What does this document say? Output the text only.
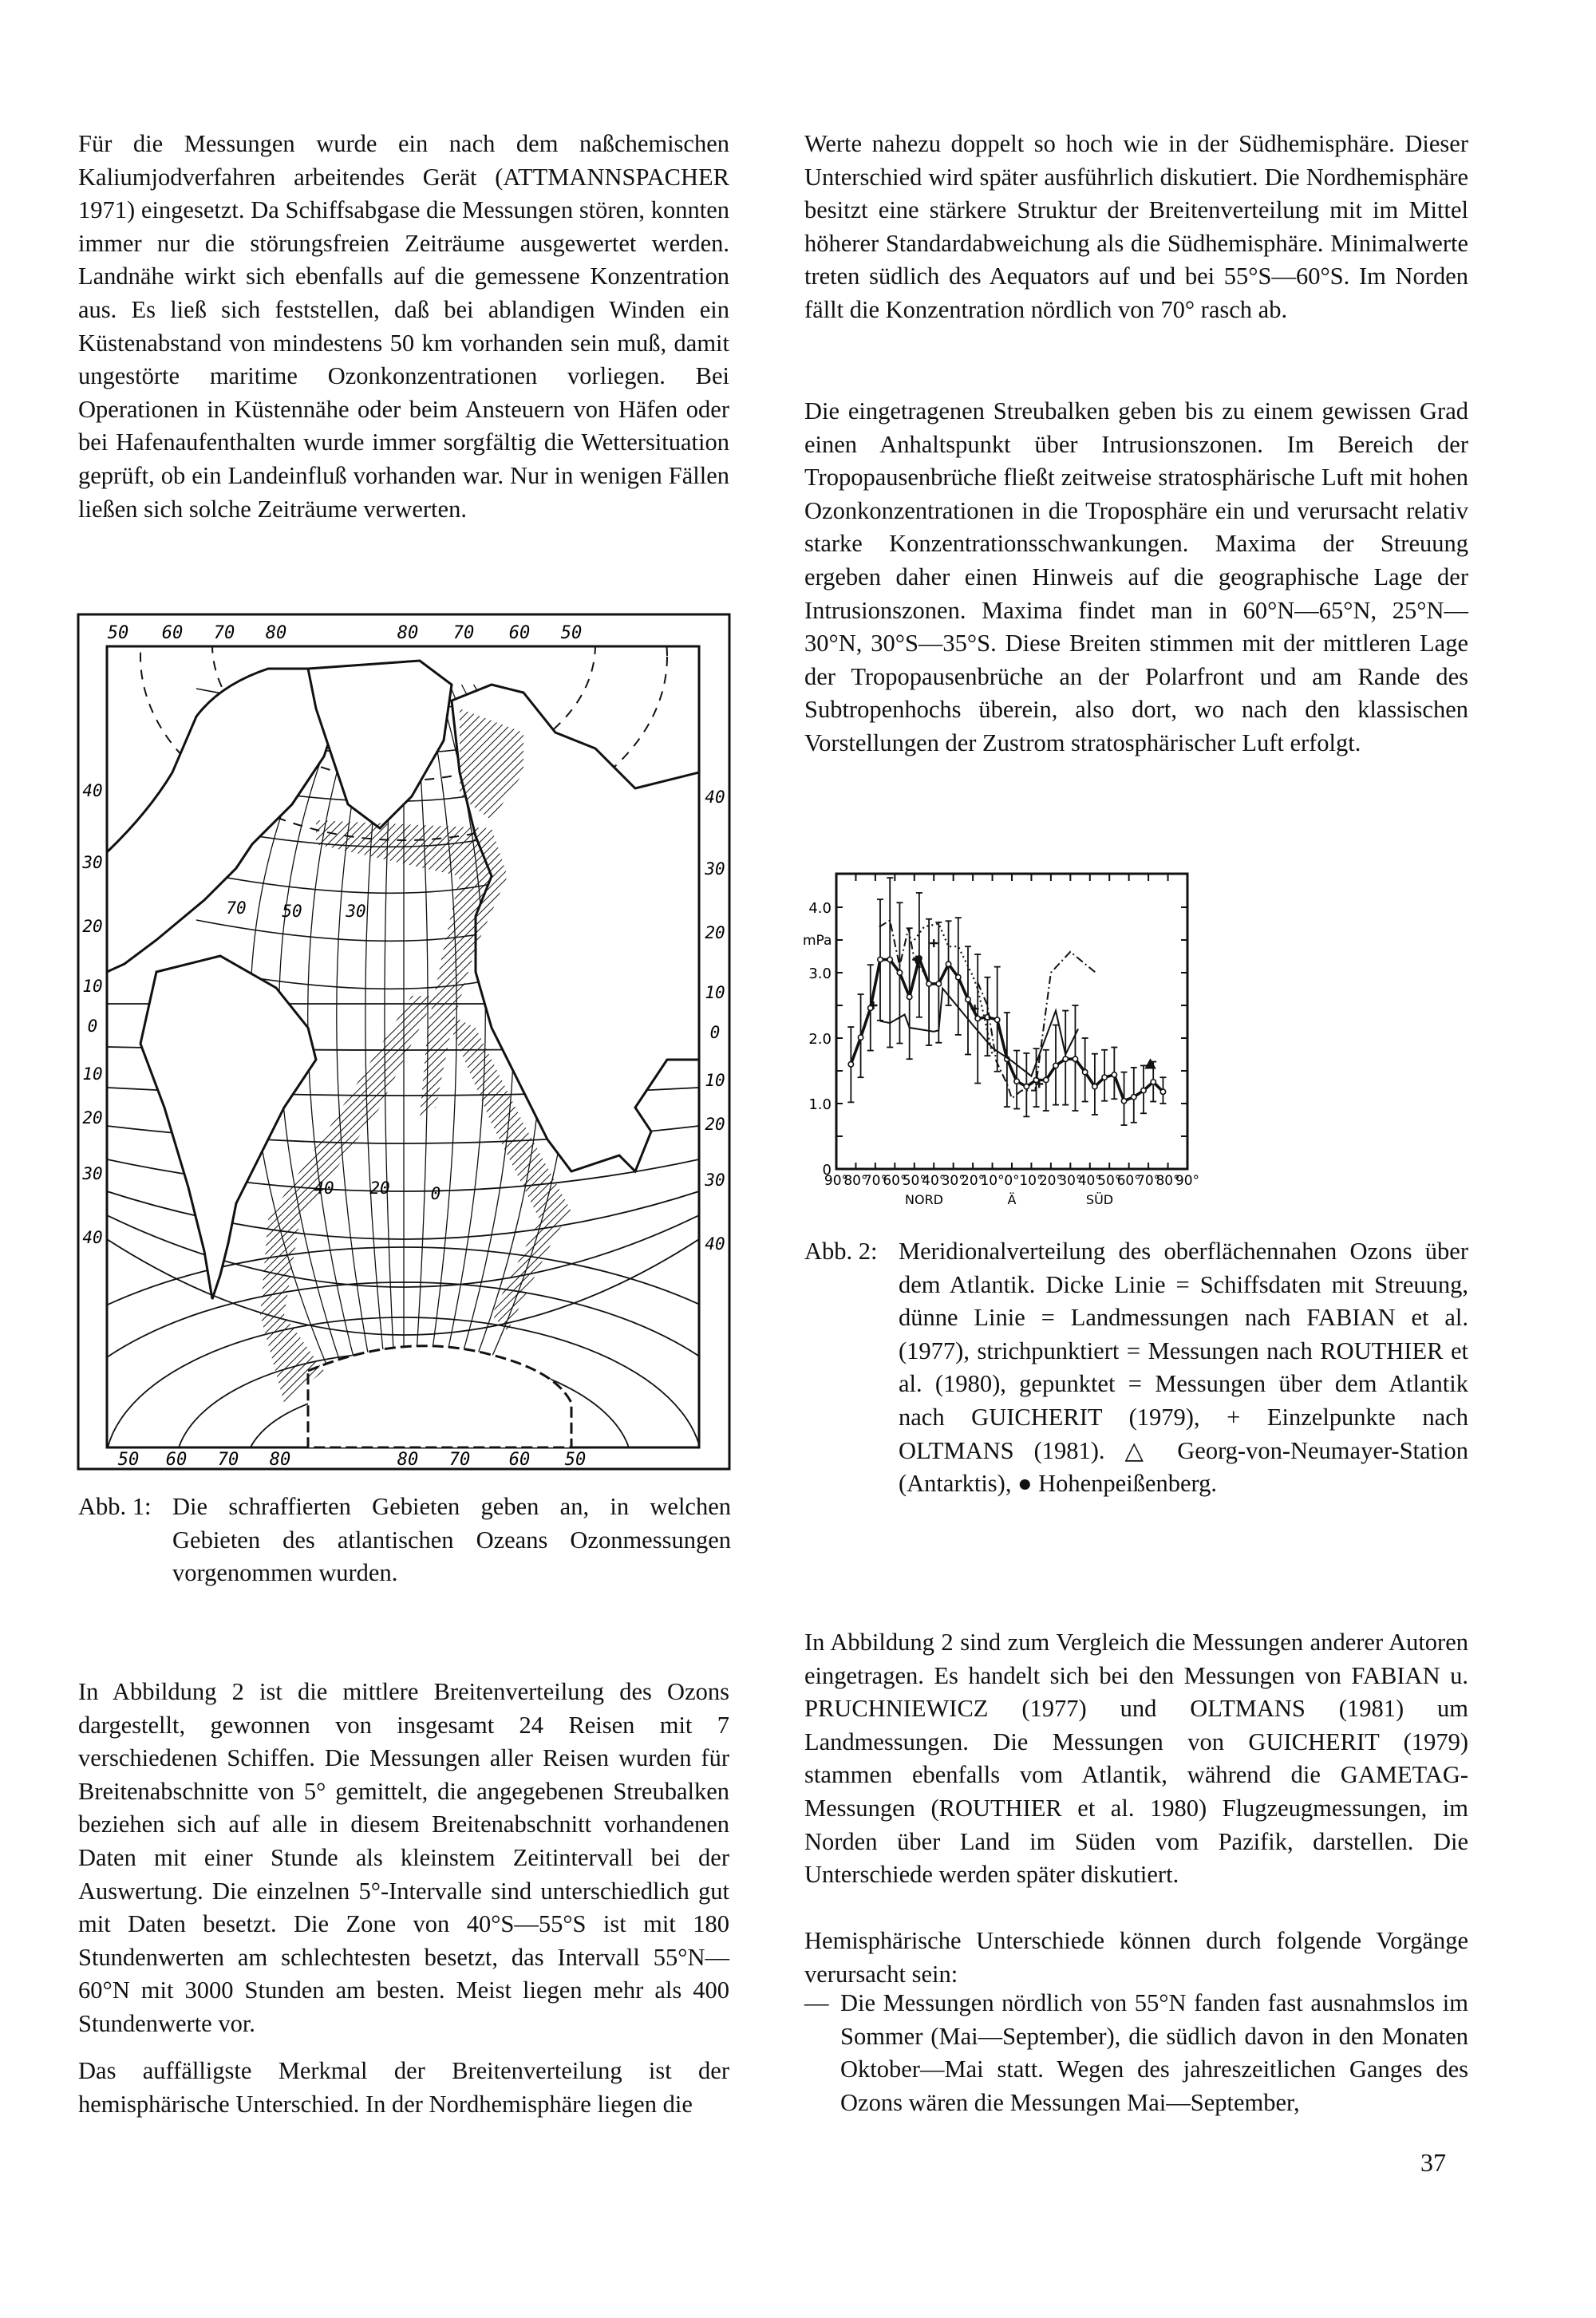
Für die Messungen wurde ein nach dem naßchemischen Kaliumjodverfahren arbeitendes Gerät (ATTMANNSPACHER 1971) eingesetzt. Da Schiffsabgase die Messungen stören, konnten immer nur die störungsfreien Zeiträume ausgewertet werden. Landnähe wirkt sich ebenfalls auf die gemessene Konzentration aus. Es ließ sich feststellen, daß bei ablandigen Winden ein Küstenabstand von mindestens 50 km vorhanden sein muß, damit ungestörte maritime Ozonkonzentrationen vorliegen. Bei Operationen in Küstennähe oder beim Ansteuern von Häfen oder bei Hafenaufenthalten wurde immer sorgfältig die Wettersituation geprüft, ob ein Landeinfluß vorhanden war. Nur in wenigen Fällen ließen sich solche Zeiträume verwerten.

In Abbildung 2 ist die mittlere Breitenverteilung des Ozons dargestellt, gewonnen von insgesamt 24 Reisen mit 7 verschiedenen Schiffen. Die Messungen aller Reisen wurden für Breitenabschnitte von 5° gemittelt, die angegebenen Streubalken beziehen sich auf alle in diesem Breitenabschnitt vorhandenen Daten mit einer Stunde als kleinstem Zeitintervall bei der Auswertung. Die einzelnen 5°-Intervalle sind unterschiedlich gut mit Daten besetzt. Die Zone von 40°S—55°S ist mit 180 Stundenwerten am schlechtesten besetzt, das Intervall 55°N—60°N mit 3000 Stunden am besten. Meist liegen mehr als 400 Stundenwerte vor.

Das auffälligste Merkmal der Breitenverteilung ist der hemisphärische Unterschied. In der Nordhemisphäre liegen die

50 60 70 80	80 70 60 50
50 60 70 80	80 70 60 50
40
30
20
10
0
10
20
30
40
40
30
20
10
0
10
20
30
40
70 50	30
40 20 0
Abb. 1: Die schraffierten Gebieten geben an, in welchen Gebieten des atlantischen Ozeans Ozonmessungen vorgenommen wurden.

Werte nahezu doppelt so hoch wie in der Südhemisphäre. Dieser Unterschied wird später ausführlich diskutiert. Die Nordhemisphäre besitzt eine stärkere Struktur der Breitenverteilung mit im Mittel höherer Standardabweichung als die Südhemisphäre. Minimalwerte treten südlich des Aequators auf und bei 55°S—60°S. Im Norden fällt die Konzentration nördlich von 70° rasch ab.

Die eingetragenen Streubalken geben bis zu einem gewissen Grad einen Anhaltspunkt über Intrusionszonen. Im Bereich der Tropopausenbrüche fließt zeitweise stratosphärische Luft mit hohen Ozonkonzentrationen in die Troposphäre ein und verursacht relativ starke Konzentrationsschwankungen. Maxima der Streuung ergeben daher einen Hinweis auf die geographische Lage der Intrusionszonen. Maxima findet man in 60°N—65°N, 25°N—30°N, 30°S—35°S. Diese Breiten stimmen mit der mittleren Lage der Tropopausenbrüche an der Polarfront und am Rande des Subtropenhochs überein, also dort, wo nach den klassischen Vorstellungen der Zustrom stratosphärischer Luft erfolgt.

In Abbildung 2 sind zum Vergleich die Messungen anderer Autoren eingetragen. Es handelt sich bei den Messungen von FABIAN u. PRUCHNIEWICZ (1977) und OLTMANS (1981) um Landmessungen. Die Messungen von GUICHERIT (1979) stammen ebenfalls vom Atlantik, während die GAMETAG-Messungen (ROUTHIER et al. 1980) Flugzeugmessungen, im Norden über Land im Süden vom Pazifik, darstellen. Die Unterschiede werden später diskutiert.

Hemisphärische Unterschiede können durch folgende Vorgänge verursacht sein:

— Die Messungen nördlich von 55°N fanden fast ausnahmslos im Sommer (Mai—September), die südlich davon in den Monaten Oktober—Mai statt. Wegen des jahreszeitlichen Ganges des Ozons wären die Messungen Mai—September,
90°
80°
70°
60°
50°
40°
30°
20°
10° 0° 10°
20°
30°
40°
50°
60°
70°
80°
90°
0
1.0
2.0
3.0
4.0
mPa
NORD	Ä	SÜD
Abb. 2: Meridionalverteilung des oberflächennahen Ozons über dem Atlantik. Dicke Linie = Schiffsdaten mit Streuung, dünne Linie = Landmessungen nach FABIAN et al. (1977), strichpunktiert = Messungen nach ROUTHIER et al. (1980), gepunktet = Messungen über dem Atlantik nach GUICHERIT (1979), + Einzelpunkte nach OLTMANS (1981). △ Georg-von-Neumayer-Station (Antarktis), ● Hohenpeißenberg.
37
